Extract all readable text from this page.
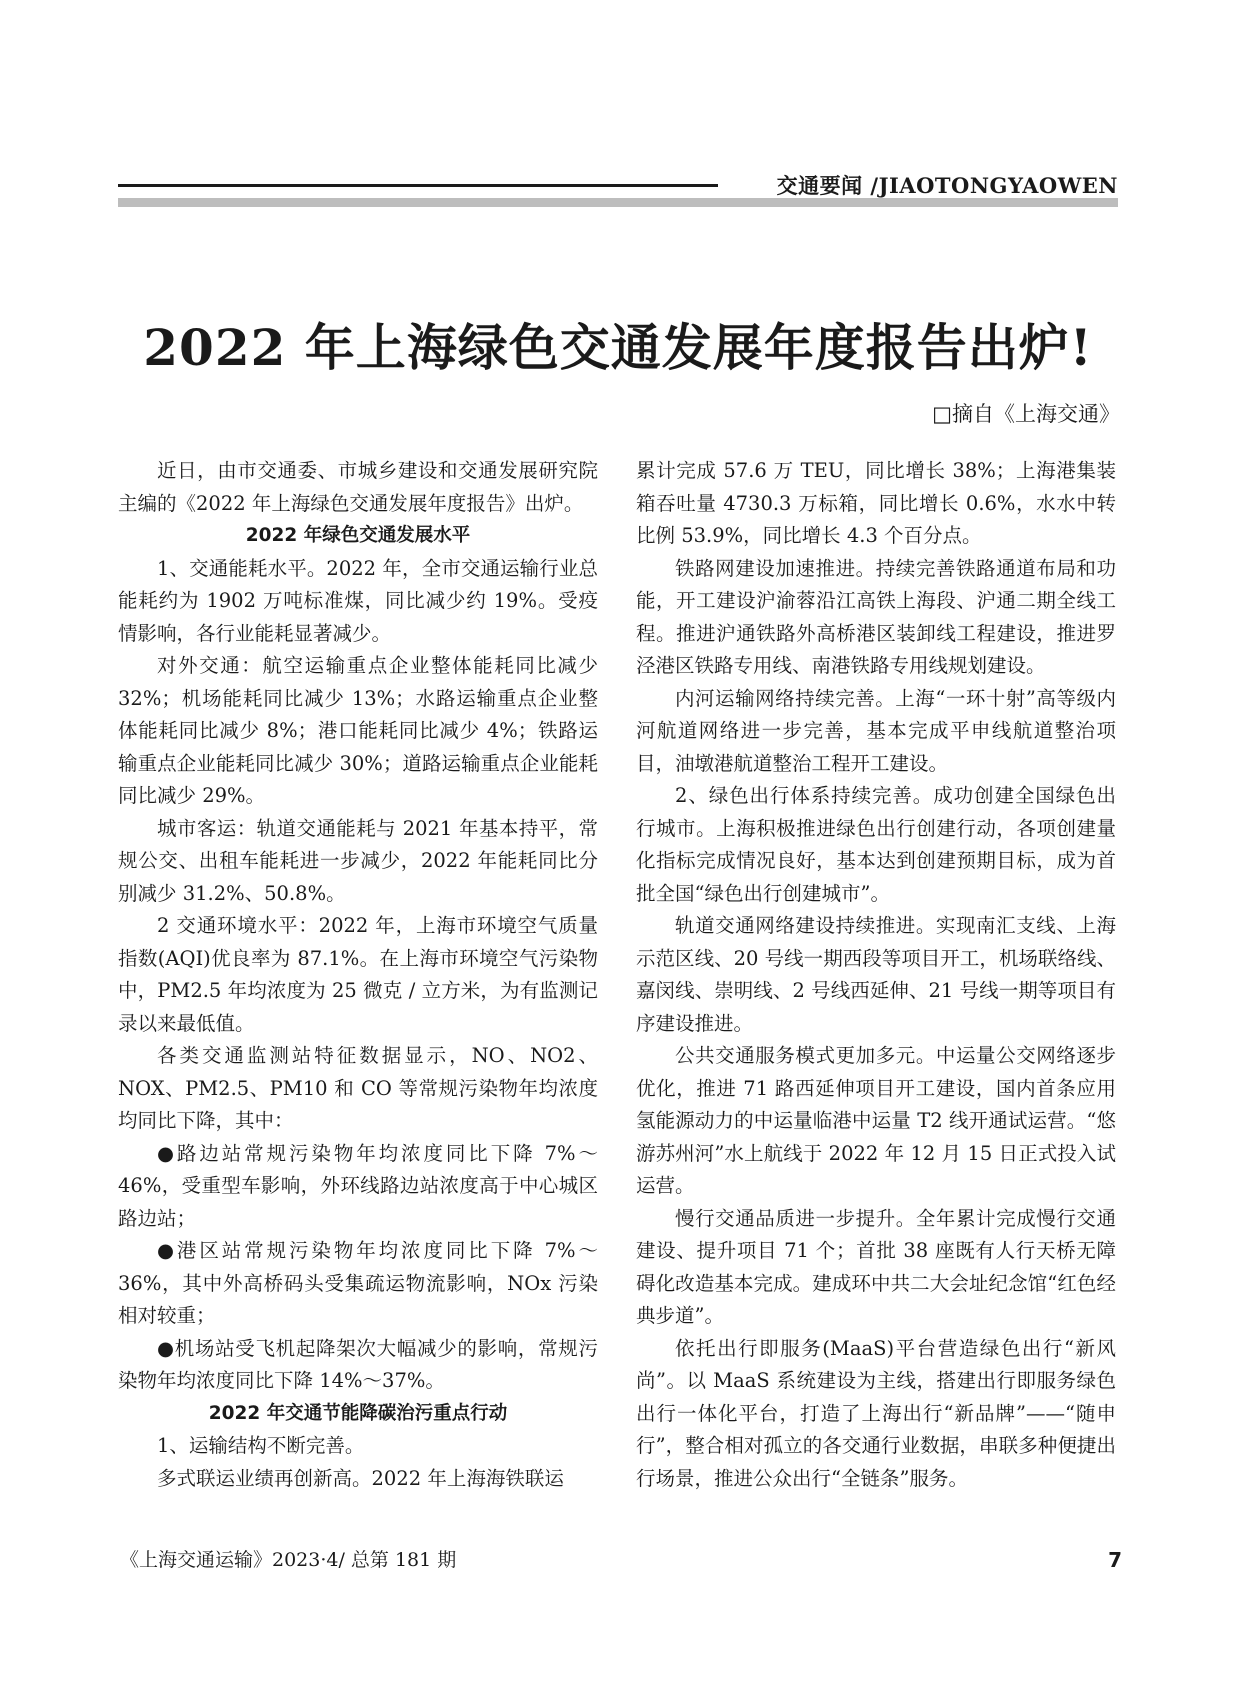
交通要闻 /JIAOTONGYAOWEN
2022 年上海绿色交通发展年度报告出炉!
□摘自《上海交通》

近日，由市交通委、市城乡建设和交通发展研究院主编的《2022 年上海绿色交通发展年度报告》出炉。

2022 年绿色交通发展水平

1、交通能耗水平。2022 年，全市交通运输行业总能耗约为 1902 万吨标准煤，同比减少约 19%。受疫情影响，各行业能耗显著减少。

对外交通：航空运输重点企业整体能耗同比减少 32%；机场能耗同比减少 13%；水路运输重点企业整体能耗同比减少 8%；港口能耗同比减少 4%；铁路运输重点企业能耗同比减少 30%；道路运输重点企业能耗同比减少 29%。

城市客运：轨道交通能耗与 2021 年基本持平，常规公交、出租车能耗进一步减少，2022 年能耗同比分别减少 31.2%、50.8%。

2 交通环境水平：2022 年，上海市环境空气质量指数(AQI)优良率为 87.1%。在上海市环境空气污染物中，PM2.5 年均浓度为 25 微克 / 立方米，为有监测记录以来最低值。

各类交通监测站特征数据显示，NO、NO2、NOX、PM2.5、PM10 和 CO 等常规污染物年均浓度均同比下降，其中：

●路边站常规污染物年均浓度同比下降 7%～46%，受重型车影响，外环线路边站浓度高于中心城区路边站；

●港区站常规污染物年均浓度同比下降 7%～36%，其中外高桥码头受集疏运物流影响，NOx 污染相对较重；

●机场站受飞机起降架次大幅减少的影响，常规污染物年均浓度同比下降 14%～37%。

2022 年交通节能降碳治污重点行动

1、运输结构不断完善。

多式联运业绩再创新高。2022 年上海海铁联运

累计完成 57.6 万 TEU，同比增长 38%；上海港集装箱吞吐量 4730.3 万标箱，同比增长 0.6%，水水中转比例 53.9%，同比增长 4.3 个百分点。

铁路网建设加速推进。持续完善铁路通道布局和功能，开工建设沪渝蓉沿江高铁上海段、沪通二期全线工程。推进沪通铁路外高桥港区装卸线工程建设，推进罗泾港区铁路专用线、南港铁路专用线规划建设。

内河运输网络持续完善。上海“一环十射”高等级内河航道网络进一步完善，基本完成平申线航道整治项目，油墩港航道整治工程开工建设。

2、绿色出行体系持续完善。成功创建全国绿色出行城市。上海积极推进绿色出行创建行动，各项创建量化指标完成情况良好，基本达到创建预期目标，成为首批全国“绿色出行创建城市”。

轨道交通网络建设持续推进。实现南汇支线、上海示范区线、20 号线一期西段等项目开工，机场联络线、嘉闵线、崇明线、2 号线西延伸、21 号线一期等项目有序建设推进。

公共交通服务模式更加多元。中运量公交网络逐步优化，推进 71 路西延伸项目开工建设，国内首条应用氢能源动力的中运量临港中运量 T2 线开通试运营。“悠游苏州河”水上航线于 2022 年 12 月 15 日正式投入试运营。

慢行交通品质进一步提升。全年累计完成慢行交通建设、提升项目 71 个；首批 38 座既有人行天桥无障碍化改造基本完成。建成环中共二大会址纪念馆“红色经典步道”。

依托出行即服务(MaaS)平台营造绿色出行“新风尚”。以 MaaS 系统建设为主线，搭建出行即服务绿色出行一体化平台，打造了上海出行“新品牌”——“随申行”，整合相对孤立的各交通行业数据，串联多种便捷出行场景，推进公众出行“全链条”服务。

《上海交通运输》2023·4/ 总第 181 期	7
